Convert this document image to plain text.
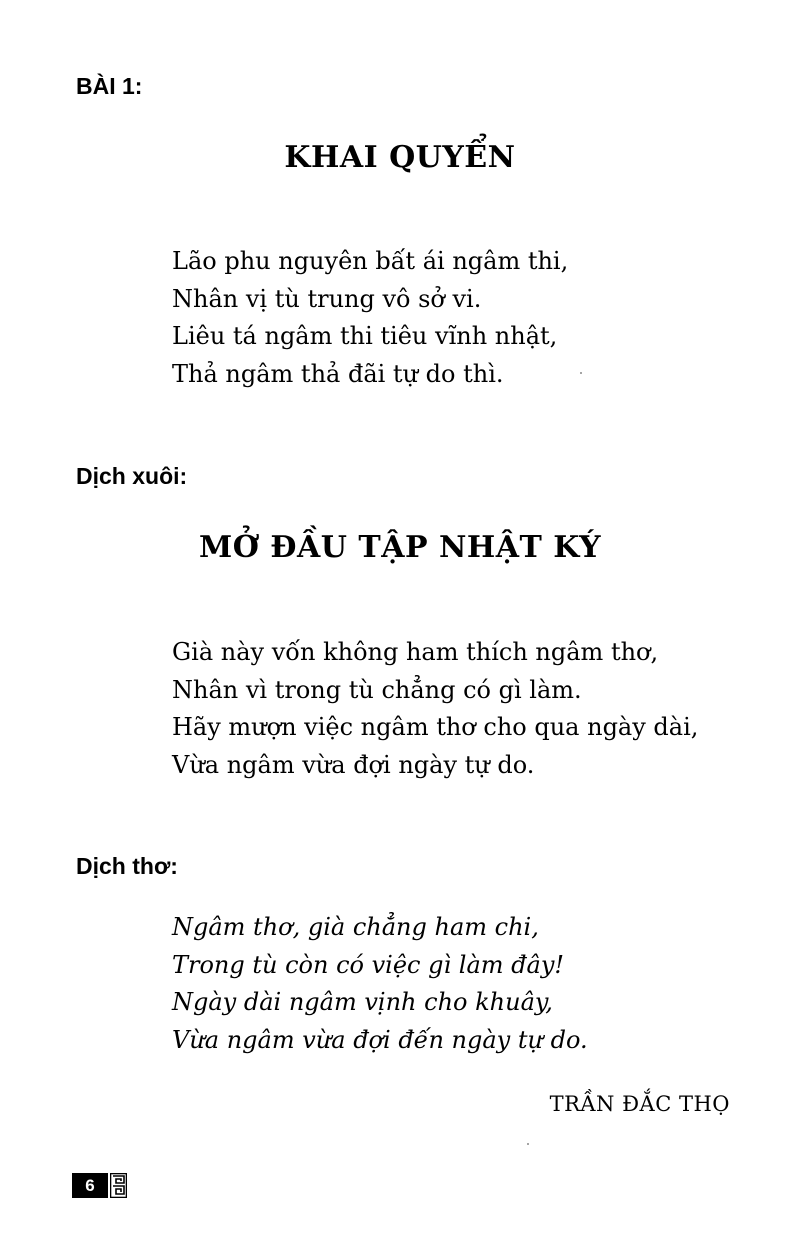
BÀI 1:
KHAI QUYỂN
Lão phu nguyên bất ái ngâm thi,
Nhân vị tù trung vô sở vi.
Liêu tá ngâm thi tiêu vĩnh nhật,
Thả ngâm thả đãi tự do thì.
Dịch xuôi:
MỞ ĐẦU TẬP NHẬT KÝ
Già này vốn không ham thích ngâm thơ,
Nhân vì trong tù chẳng có gì làm.
Hãy mượn việc ngâm thơ cho qua ngày dài,
Vừa ngâm vừa đợi ngày tự do.
Dịch thơ:
Ngâm thơ, già chẳng ham chi,
Trong tù còn có việc gì làm đây!
Ngày dài ngâm vịnh cho khuây,
Vừa ngâm vừa đợi đến ngày tự do.

TRẦN ĐẮC THỌ

6
